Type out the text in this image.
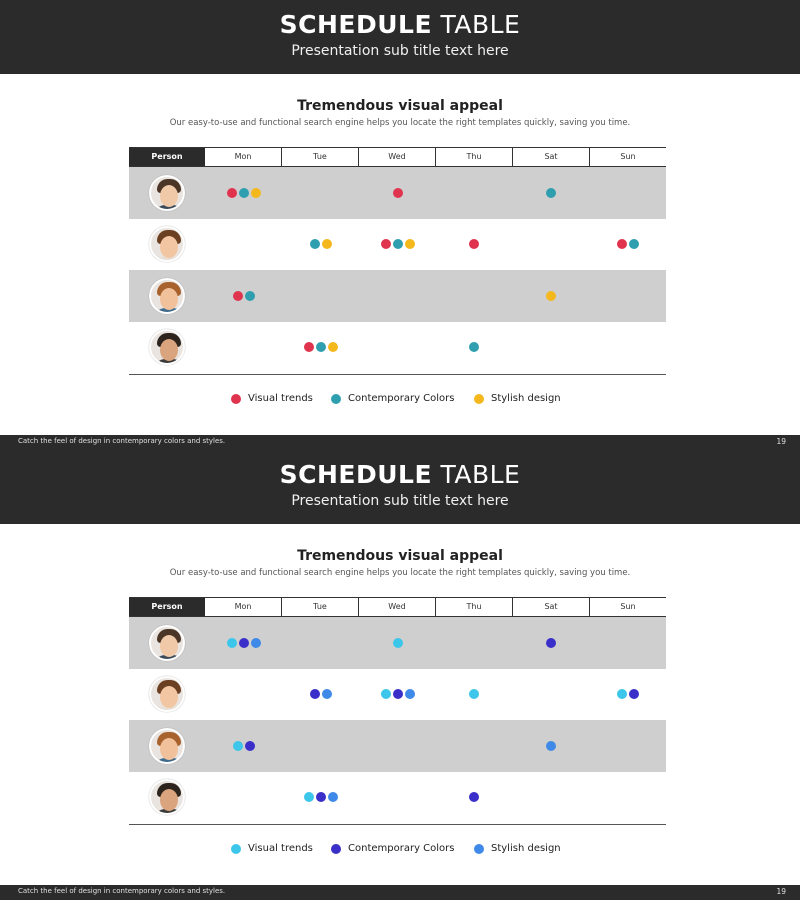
SCHEDULE TABLE
Presentation sub title text here
Tremendous visual appeal
Our easy-to-use and functional search engine helps you locate the right templates quickly, saving you time.
Person	Mon	Tue	Wed	Thu	Sat	Sun
Visual trends	Contemporary Colors	Stylish design
Catch the feel of design in contemporary colors and styles.	19
SCHEDULE TABLE
Presentation sub title text here
Tremendous visual appeal
Our easy-to-use and functional search engine helps you locate the right templates quickly, saving you time.
Person	Mon	Tue	Wed	Thu	Sat	Sun
Visual trends	Contemporary Colors	Stylish design
Catch the feel of design in contemporary colors and styles.	19
